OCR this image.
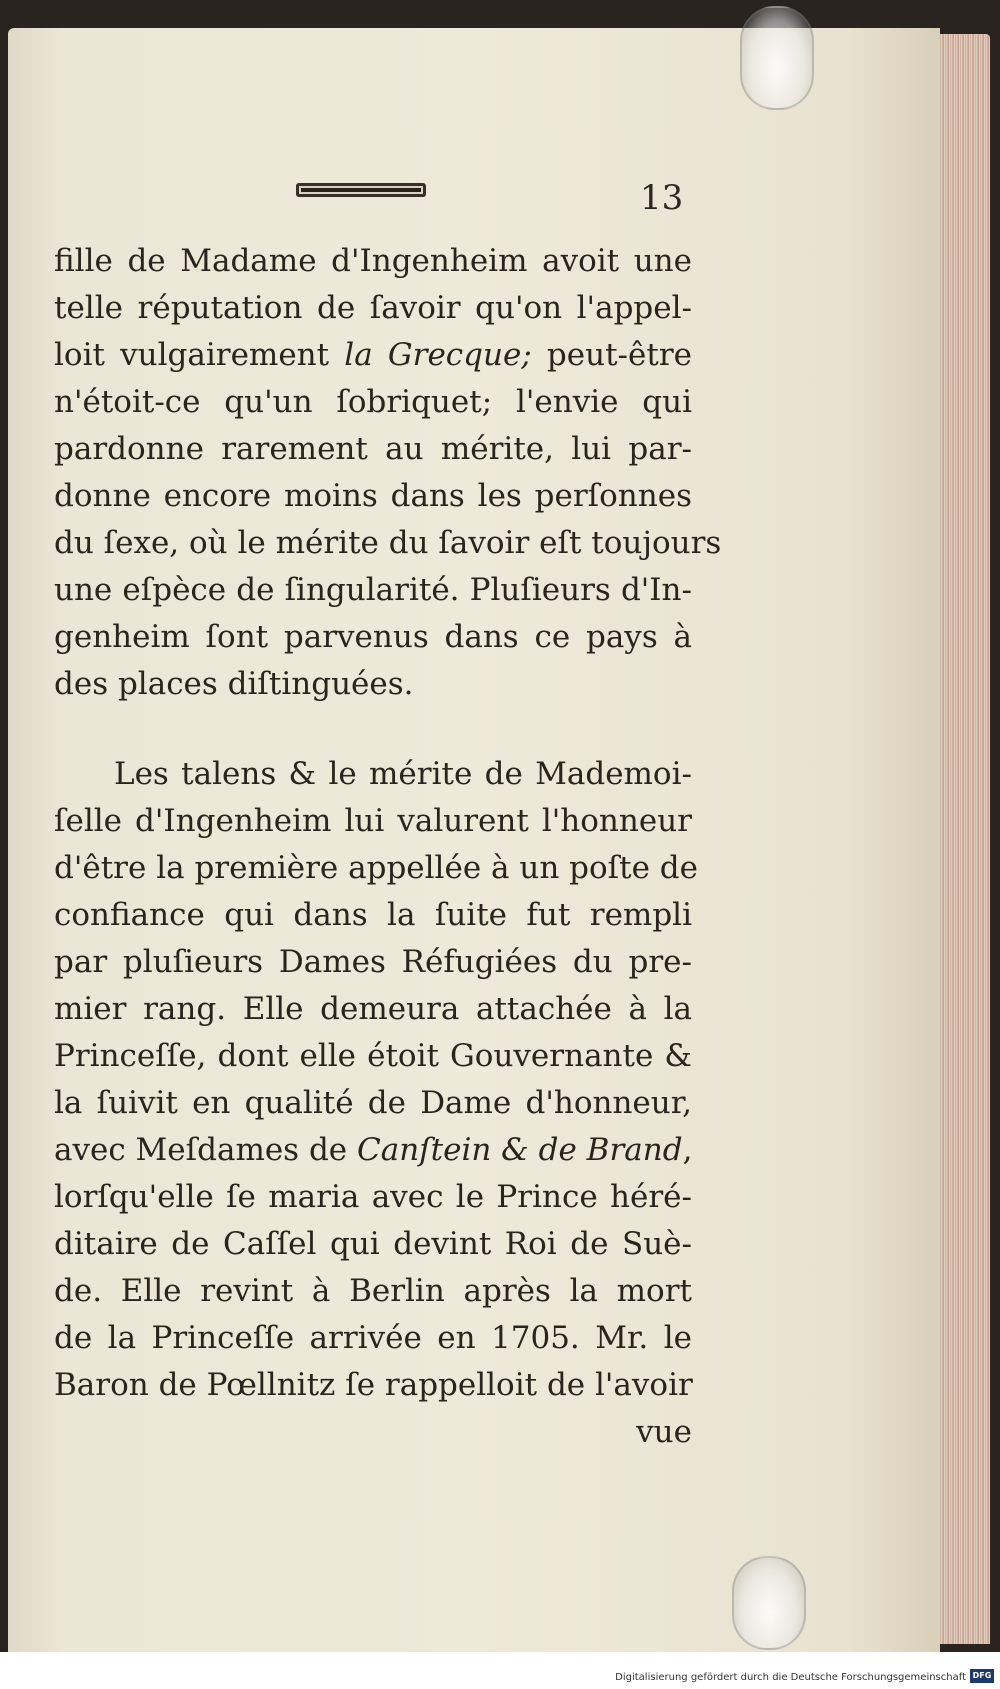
13
fille de Madame d'Ingenheim avoit une
telle réputation de ſavoir qu'on l'appel-
loit vulgairement la Grecque; peut-être
n'étoit-ce qu'un ſobriquet; l'envie qui
pardonne rarement au mérite, lui par-
donne encore moins dans les perſonnes
du ſexe, où le mérite du ſavoir eſt toujours
une eſpèce de ſingularité. Pluſieurs d'In-
genheim ſont parvenus dans ce pays à
des places diſtinguées.
Les talens & le mérite de Mademoi-
ſelle d'Ingenheim lui valurent l'honneur
d'être la première appellée à un poſte de
confiance qui dans la ſuite fut rempli
par pluſieurs Dames Réfugiées du pre-
mier rang. Elle demeura attachée à la
Princeſſe, dont elle étoit Gouvernante &
la ſuivit en qualité de Dame d'honneur,
avec Meſdames de Canſtein & de Brand,
lorſqu'elle ſe maria avec le Prince héré-
ditaire de Caſſel qui devint Roi de Suè-
de. Elle revint à Berlin après la mort
de la Princeſſe arrivée en 1705. Mr. le
Baron de Pœllnitz ſe rappelloit de l'avoir
vue
Digitalisierung gefördert durch die Deutsche Forschungsgemeinschaft DFG
